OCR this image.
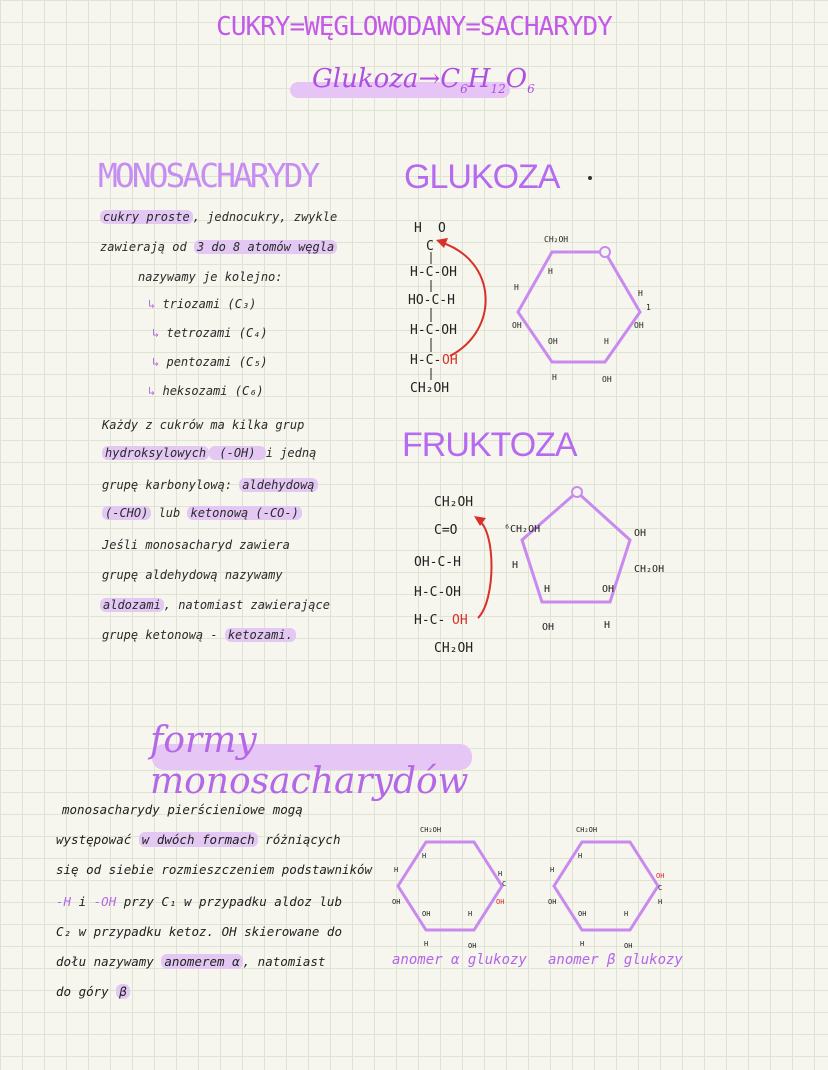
CUKRY=WĘGLOWODANY=SACHARYDY
$Glukoza\to C_6H_{12}O_6$
MONOSACHARYDY
cukry proste , jednocukry, zwykle
zawierają od 3 do 8 atomów węgla
nazywamy je kolejno:
↳ triozami (C₃)
↳ tetrozami (C₄)
↳ pentozami (C₅)
↳ heksozami (C₆)
Każdy z cukrów ma kilka grup
hydroksylowych (-OH) i jedną
grupę karbonylową: aldehydową
(-CHO) lub ketonową (-CO-)
Jeśli monosacharyd zawiera
grupę aldehydową nazywamy
aldozami , natomiast zawierające
grupę ketonową - ketozami.
GLUKOZA
H O
C
H-C-OH
HO-C-H
H-C-OH
H-C- OH
CH₂OH
CH₂OH
H
H
H
OH	OH
OH	H
H	OH
1
FRUKTOZA
CH₂OH
C=O
OH-C-H
H-C-OH
H-C- OH
CH₂OH
⁶CH₂OH
H
OH
CH₂OH
H	OH
OH	H
formy monosacharydów
monosacharydy pierścieniowe mogą
występować w dwóch formach różniących
się od siebie rozmieszczeniem podstawników
-H i -OH przy C₁ w przypadku aldoz lub
C₂ w przypadku ketoz. OH skierowane do
dołu nazywamy anomerem α , natomiast
do góry β
CH₂OH
H
H
OH
OH	H
H	OH
C
H
OH
anomer α glukozy
CH₂OH
H
H
OH
OH	H
H	OH
OH
C
H
anomer β glukozy
